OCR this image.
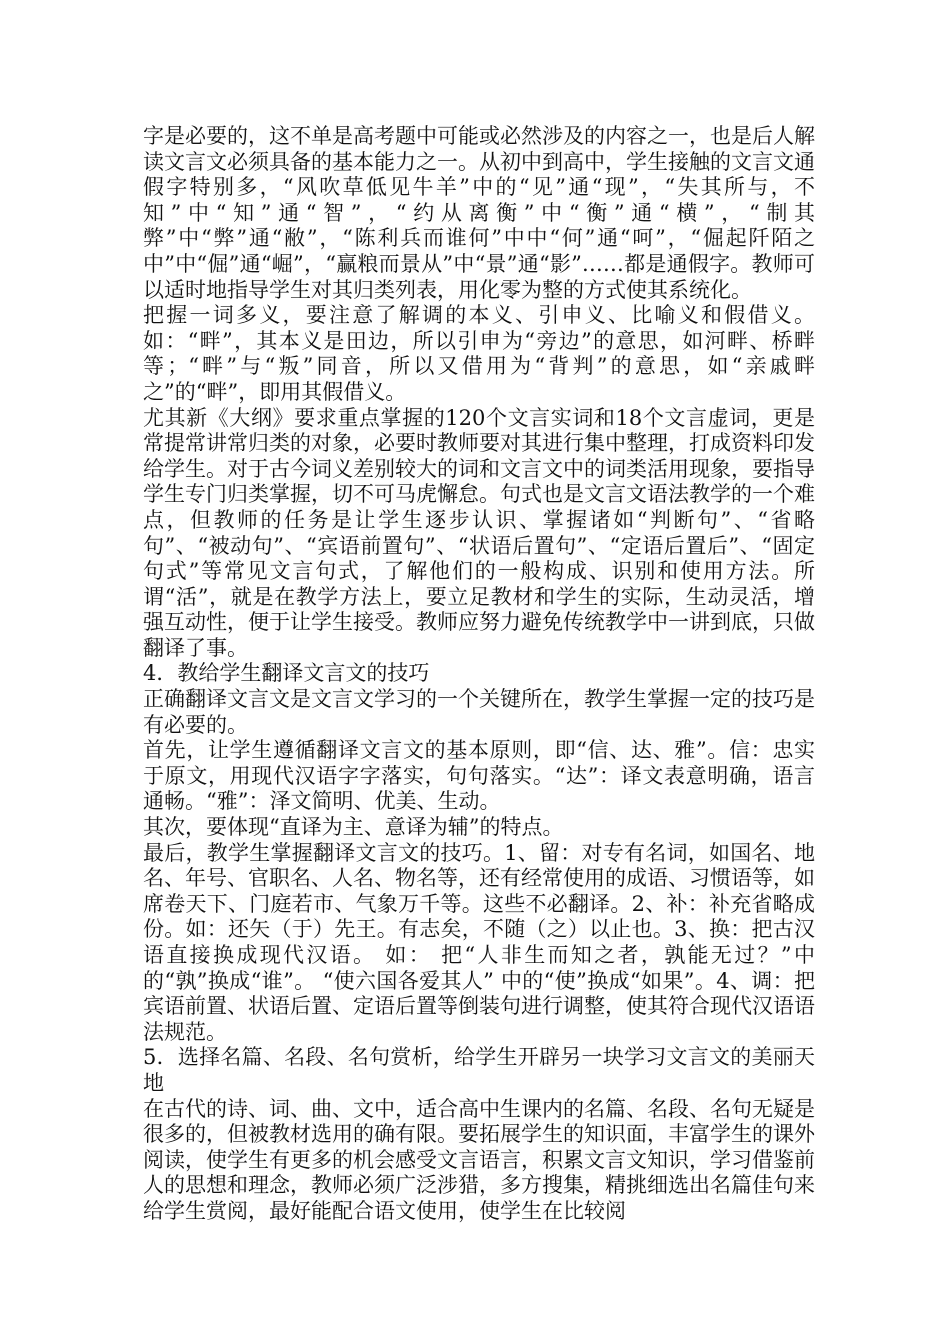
字是必要的，这不单是高考题中可能或必然涉及的内容之一，也是后人解读文言文必须具备的基本能力之一。从初中到高中，学生接触的文言文通假字特别多，“风吹草低见牛羊”中的“见”通“现”，“失其所与，不知”中“知”通“智”，“约从离衡”中“衡”通“横”，“制其弊”中“弊”通“敝”，“陈利兵而谁何”中中“何”通“呵”，“倔起阡陌之中”中“倔”通“崛”，“赢粮而景从”中“景”通“影”……都是通假字。教师可以适时地指导学生对其归类列表，用化零为整的方式使其系统化。

把握一词多义，要注意了解调的本义、引申义、比喻义和假借义。如：“畔”，其本义是田边，所以引申为“旁边”的意思，如河畔、桥畔等；“畔”与“叛”同音，所以又借用为“背判”的意思，如“亲戚畔之”的“畔”，即用其假借义。

尤其新《大纲》要求重点掌握的120个文言实词和18个文言虚词，更是常提常讲常归类的对象，必要时教师要对其进行集中整理，打成资料印发给学生。对于古今词义差别较大的词和文言文中的词类活用现象，要指导学生专门归类掌握，切不可马虎懈怠。句式也是文言文语法教学的一个难点，但教师的任务是让学生逐步认识、掌握诸如“判断句”、“省略句”、“被动句”、“宾语前置句”、“状语后置句”、“定语后置后”、“固定句式”等常见文言句式，了解他们的一般构成、识别和使用方法。所谓“活”，就是在教学方法上，要立足教材和学生的实际，生动灵活，增强互动性，便于让学生接受。教师应努力避免传统教学中一讲到底，只做翻译了事。

4．教给学生翻译文言文的技巧

正确翻译文言文是文言文学习的一个关键所在，教学生掌握一定的技巧是有必要的。

首先，让学生遵循翻译文言文的基本原则，即“信、达、雅”。信：忠实于原文，用现代汉语字字落实，句句落实。“达”：译文表意明确，语言通畅。“雅”：泽文简明、优美、生动。

其次，要体现“直译为主、意译为辅”的特点。

最后，教学生掌握翻译文言文的技巧。1、留：对专有名词，如国名、地名、年号、官职名、人名、物名等，还有经常使用的成语、习惯语等，如席卷天下、门庭若市、气象万千等。这些不必翻译。2、补：补充省略成份。如：还矢（于）先王。有志矣，不随（之）以止也。3、换：把古汉语直接换成现代汉语。 如： 把“人非生而知之者，孰能无过？”中的“孰”换成“谁”。 “使六国各爱其人” 中的“使”换成“如果”。4、调：把宾语前置、状语后置、定语后置等倒装句进行调整，使其符合现代汉语语法规范。

5．选择名篇、名段、名句赏析，给学生开辟另一块学习文言文的美丽天地

在古代的诗、词、曲、文中，适合高中生课内的名篇、名段、名句无疑是很多的，但被教材选用的确有限。要拓展学生的知识面，丰富学生的课外阅读，使学生有更多的机会感受文言语言，积累文言文知识，学习借鉴前人的思想和理念，教师必须广泛涉猎，多方搜集，精挑细选出名篇佳句来给学生赏阅，最好能配合语文使用，使学生在比较阅
